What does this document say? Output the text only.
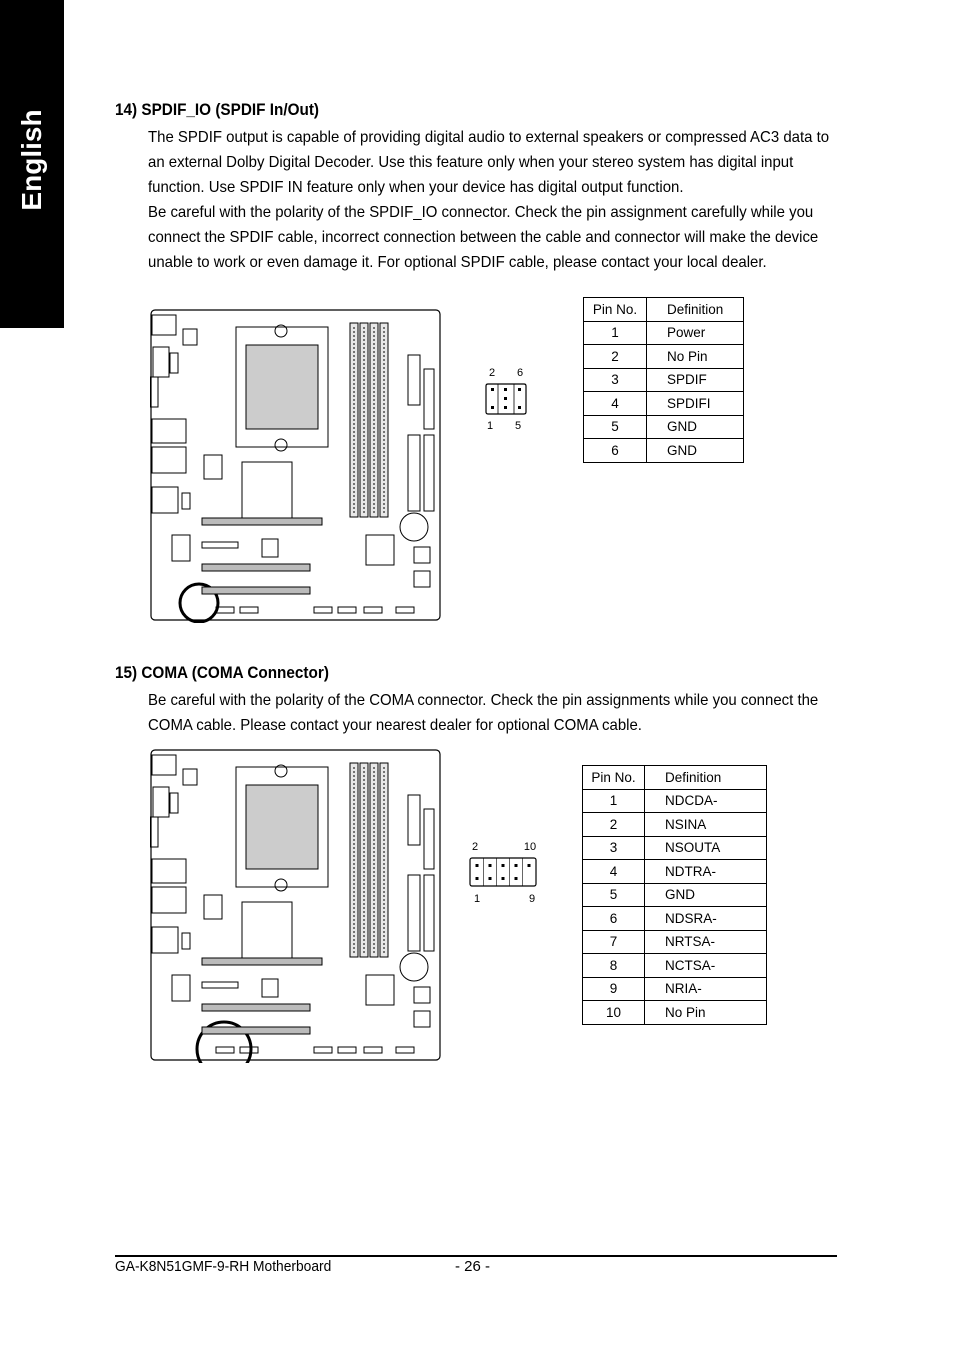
English	14) SPDIF_IO (SPDIF In/Out)

The SPDIF output is capable of providing digital audio to external speakers or compressed AC3 data to an external Dolby Digital Decoder. Use this feature only when your stereo system has digital input function. Use SPDIF IN feature only when your device has digital output function.

Be careful with the polarity of the SPDIF_IO connector. Check the pin assignment carefully while you connect the SPDIF cable, incorrect connection between the cable and connector will make the device unable to work or even damage it. For optional SPDIF cable, please contact your local dealer.

2 6
1 5
Pin No.	Definition
1	Power
2	No Pin
3	SPDIF
4	SPDIFI
5	GND
6	GND
15) COMA (COMA Connector)

Be careful with the polarity of the COMA connector. Check the pin assignments while you connect the COMA cable. Please contact your nearest dealer for optional COMA cable.

2	10
1	9
Pin No.	Definition
1	NDCDA-
2	NSINA
3	NSOUTA
4	NDTRA-
5	GND
6	NDSRA-
7	NRTSA-
8	NCTSA-
9	NRIA-
10	No Pin
GA-K8N51GMF-9-RH Motherboard	- 26 -
